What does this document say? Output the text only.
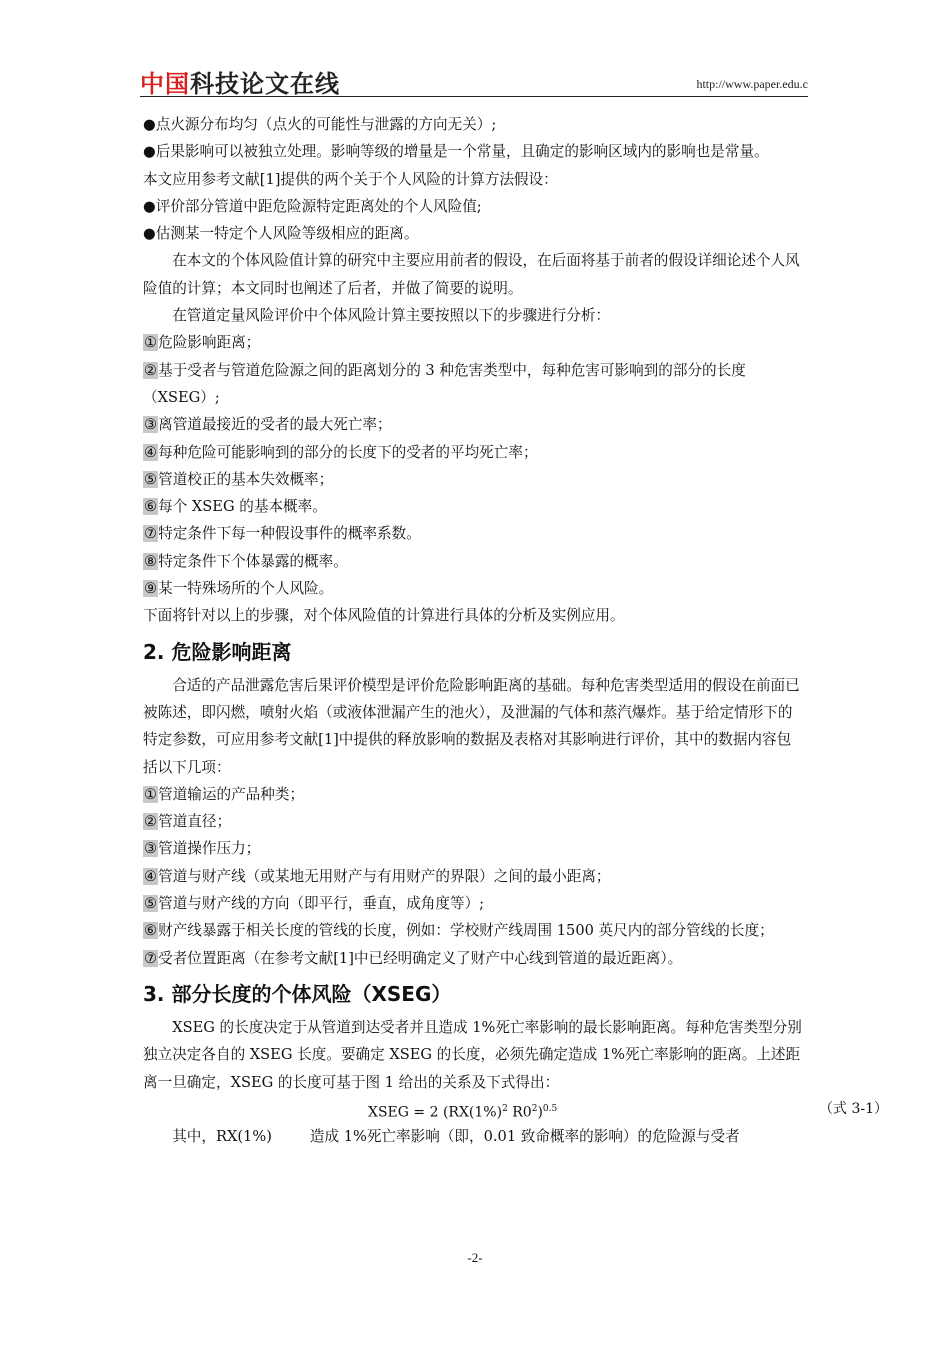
中国科技论文在线	http://www.paper.edu.c

●点火源分布均匀（点火的可能性与泄露的方向无关）;

●后果影响可以被独立处理。影响等级的增量是一个常量，且确定的影响区域内的影响也是常量。

本文应用参考文献[1]提供的两个关于个人风险的计算方法假设：

●评价部分管道中距危险源特定距离处的个人风险值;

●估测某一特定个人风险等级相应的距离。

在本文的个体风险值计算的研究中主要应用前者的假设，在后面将基于前者的假设详细论述个人风险值的计算；本文同时也阐述了后者，并做了简要的说明。

在管道定量风险评价中个体风险计算主要按照以下的步骤进行分析：

①危险影响距离；

②基于受者与管道危险源之间的距离划分的 3 种危害类型中，每种危害可影响到的部分的长度（XSEG）;

③离管道最接近的受者的最大死亡率；

④每种危险可能影响到的部分的长度下的受者的平均死亡率；

⑤管道校正的基本失效概率；

⑥每个 XSEG 的基本概率。

⑦特定条件下每一种假设事件的概率系数。

⑧特定条件下个体暴露的概率。

⑨某一特殊场所的个人风险。

下面将针对以上的步骤，对个体风险值的计算进行具体的分析及实例应用。

2. 危险影响距离

合适的产品泄露危害后果评价模型是评价危险影响距离的基础。每种危害类型适用的假设在前面已被陈述，即闪燃，喷射火焰（或液体泄漏产生的池火），及泄漏的气体和蒸汽爆炸。基于给定情形下的特定参数，可应用参考文献[1]中提供的释放影响的数据及表格对其影响进行评价，其中的数据内容包括以下几项：

①管道输运的产品种类；

②管道直径；

③管道操作压力；

④管道与财产线（或某地无用财产与有用财产的界限）之间的最小距离；

⑤管道与财产线的方向（即平行，垂直，成角度等）;

⑥财产线暴露于相关长度的管线的长度，例如：学校财产线周围 1500 英尺内的部分管线的长度；

⑦受者位置距离（在参考文献[1]中已经明确定义了财产中心线到管道的最近距离）。

3. 部分长度的个体风险（XSEG）

XSEG 的长度决定于从管道到达受者并且造成 1%死亡率影响的最长影响距离。每种危害类型分别独立决定各自的 XSEG 长度。要确定 XSEG 的长度，必须先确定造成 1%死亡率影响的距离。上述距离一旦确定，XSEG 的长度可基于图 1 给出的关系及下式得出：

XSEG = 2 ($RX(1\%)^2$ $R0^2)^{0.5}$	（式 3-1）

其中，RX(1%)	造成 1%死亡率影响（即，0.01 致命概率的影响）的危险源与受者

-2-
